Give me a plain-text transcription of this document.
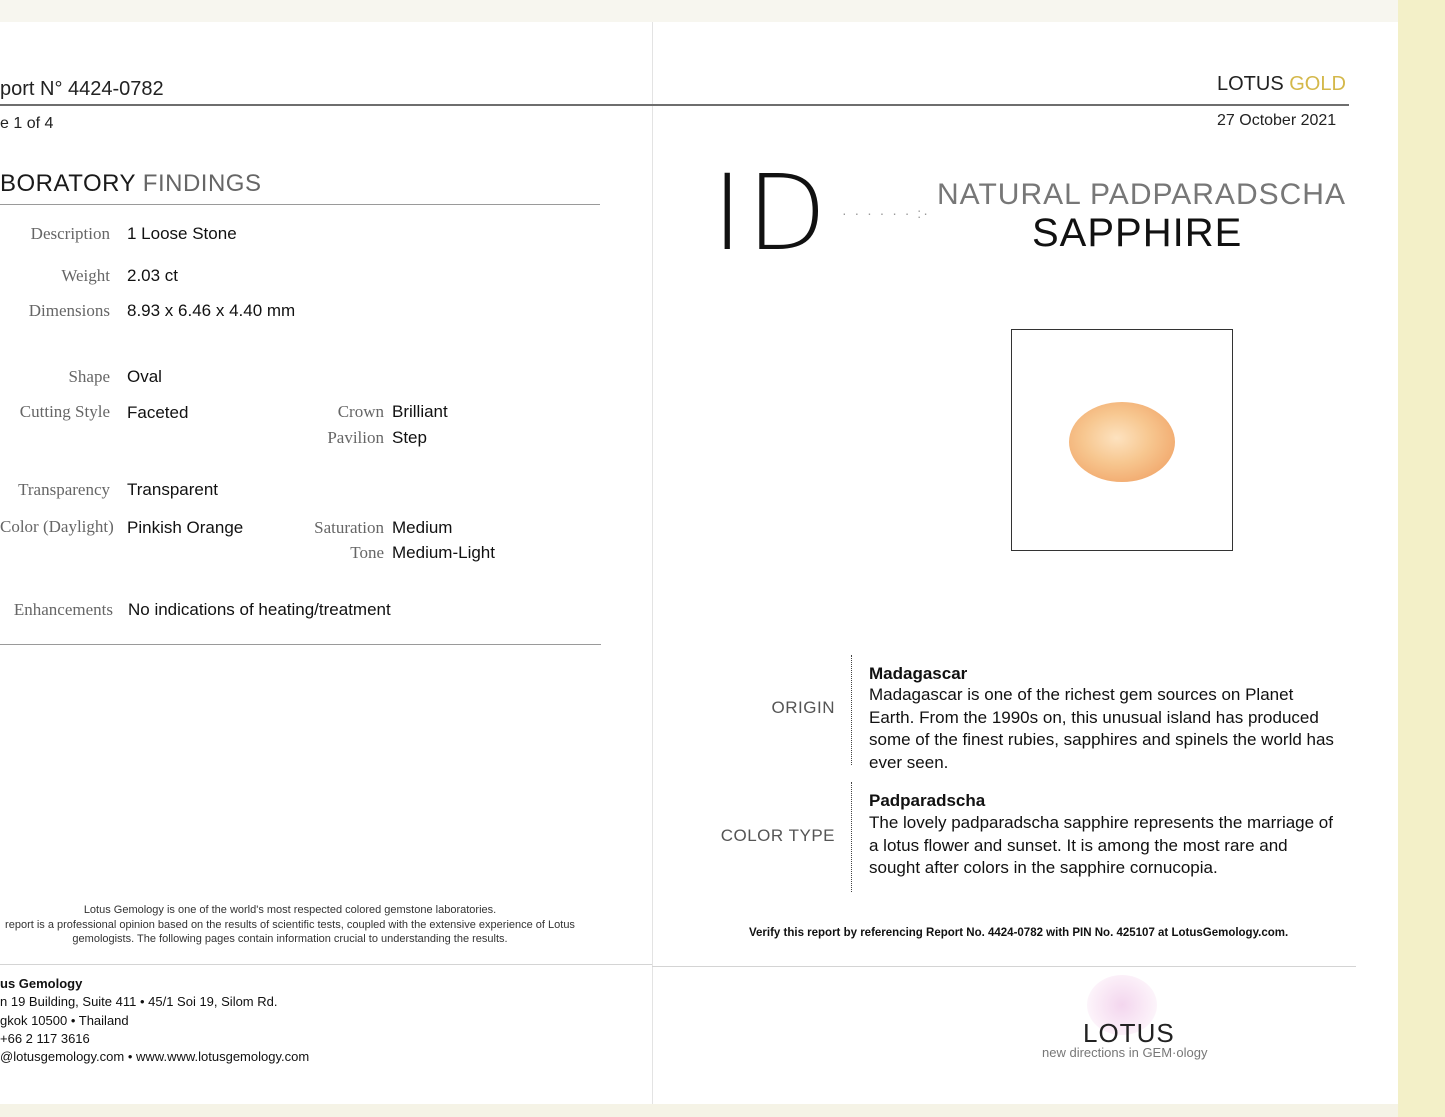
port N° 4424-0782
e 1 of 4
BORATORY FINDINGS
Description 1 Loose Stone
Weight 2.03 ct
Dimensions 8.93 x 6.46 x 4.40 mm
Shape Oval
Cutting Style Faceted	Crown Brilliant
Pavilion Step
Transparency Transparent
Color (Daylight) Pinkish Orange	Saturation Medium
Tone Medium-Light
Enhancements No indications of heating/treatment
Lotus Gemology is one of the world's most respected colored gemstone laboratories.
report is a professional opinion based on the results of scientific tests, coupled with the extensive experience of Lotus
gemologists. The following pages contain information crucial to understanding the results.
us Gemology
n 19 Building, Suite 411 • 45/1 Soi 19, Silom Rd.
gkok 10500 • Thailand
+66 2 117 3616
@lotusgemology.com • www.www.lotusgemology.com
LOTUS GOLD
27 October 2021
ID · · · · · · :·
NATURAL PADPARADSCHA
SAPPHIRE
ORIGIN
Madagascar
Madagascar is one of the richest gem sources on Planet Earth. From the 1990s on, this unusual island has produced some of the finest rubies, sapphires and spinels the world has ever seen.
COLOR TYPE
Padparadscha
The lovely padparadscha sapphire represents the marriage of a lotus flower and sunset. It is among the most rare and sought after colors in the sapphire cornucopia.
Verify this report by referencing Report No. 4424-0782 with PIN No. 425107 at LotusGemology.com.
LOTUS
new directions in GEM·ology
